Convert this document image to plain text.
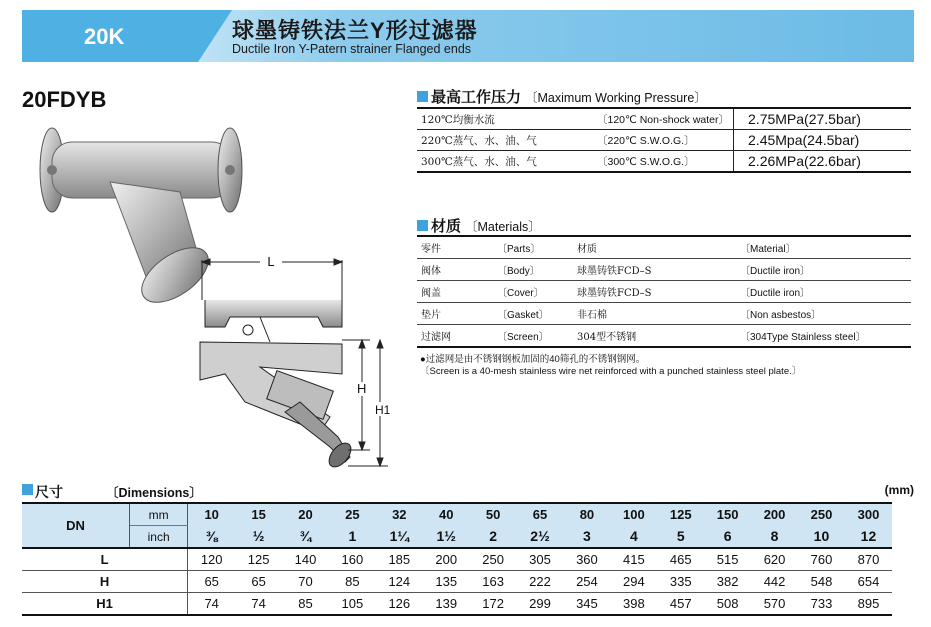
20K	球墨铸铁法兰Y形过滤器
Ductile Iron Y-Patern strainer Flanged ends
20FDYB
L
H
H1
最高工作压力 〔Maximum Working Pressure〕
120℃均衡水流	〔120℃ Non-shock water〕	2.75MPa(27.5bar)
220℃蒸气、水、油、气	〔220℃ S.W.O.G.〕	2.45Mpa(24.5bar)
300℃蒸气、水、油、气	〔300℃ S.W.O.G.〕	2.26MPa(22.6bar)
材质 〔Materials〕
零件	〔Parts〕	材质	〔Material〕
阀体	〔Body〕	球墨铸铁FCD–S	〔Ductile iron〕
阀盖	〔Cover〕	球墨铸铁FCD–S	〔Ductile iron〕
垫片	〔Gasket〕	非石棉	〔Non asbestos〕
过滤网	〔Screen〕	304型不锈钢	〔304Type Stainless steel〕
●过滤网是由不锈钢钢板加固的40筛孔的不锈钢钢网。
〔Screen is a 40-mesh stainless wire net reinforced with a punched stainless steel plate.〕
尺寸	〔Dimensions〕	(mm)
DN	mm	10	15	20	25	32	40	50	65	80	100	125	150	200	250	300
	inch	⅜	½	¾	1	1¼	1½	2	2½	3	4	5	6	8	10	12
L		120	125	140	160	185	200	250	305	360	415	465	515	620	760	870
H		65	65	70	85	124	135	163	222	254	294	335	382	442	548	654
H1		74	74	85	105	126	139	172	299	345	398	457	508	570	733	895
